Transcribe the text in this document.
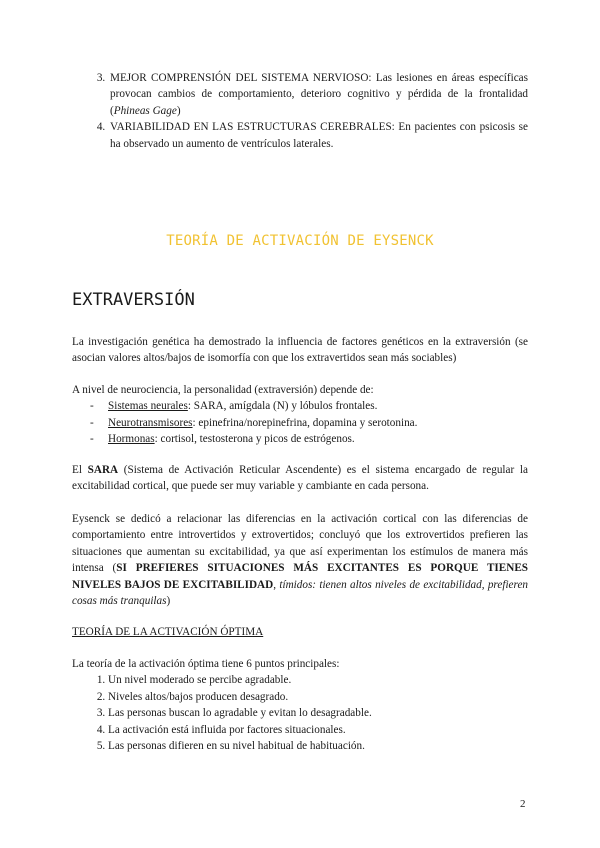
3. MEJOR COMPRENSIÓN DEL SISTEMA NERVIOSO: Las lesiones en áreas específicas provocan cambios de comportamiento, deterioro cognitivo y pérdida de la frontalidad (Phineas Gage)
4. VARIABILIDAD EN LAS ESTRUCTURAS CEREBRALES: En pacientes con psicosis se ha observado un aumento de ventrículos laterales.
TEORÍA DE ACTIVACIÓN DE EYSENCK
EXTRAVERSIÓN

La investigación genética ha demostrado la influencia de factores genéticos en la extraversión (se asocian valores altos/bajos de isomorfía con que los extravertidos sean más sociables)

A nivel de neurociencia, la personalidad (extraversión) depende de:
- Sistemas neurales: SARA, amígdala (N) y lóbulos frontales.
- Neurotransmisores: epinefrina/norepinefrina, dopamina y serotonina.
- Hormonas: cortisol, testosterona y picos de estrógenos.

El SARA (Sistema de Activación Reticular Ascendente) es el sistema encargado de regular la excitabilidad cortical, que puede ser muy variable y cambiante en cada persona.

Eysenck se dedicó a relacionar las diferencias en la activación cortical con las diferencias de comportamiento entre introvertidos y extrovertidos; concluyó que los extrovertidos prefieren las situaciones que aumentan su excitabilidad, ya que así experimentan los estímulos de manera más intensa (SI PREFIERES SITUACIONES MÁS EXCITANTES ES PORQUE TIENES NIVELES BAJOS DE EXCITABILIDAD, tímidos: tienen altos niveles de excitabilidad, prefieren cosas más tranquilas)

TEORÍA DE LA ACTIVACIÓN ÓPTIMA
La teoría de la activación óptima tiene 6 puntos principales:
1. Un nivel moderado se percibe agradable.
2. Niveles altos/bajos producen desagrado.
3. Las personas buscan lo agradable y evitan lo desagradable.
4. La activación está influida por factores situacionales.
5. Las personas difieren en su nivel habitual de habituación.
2
